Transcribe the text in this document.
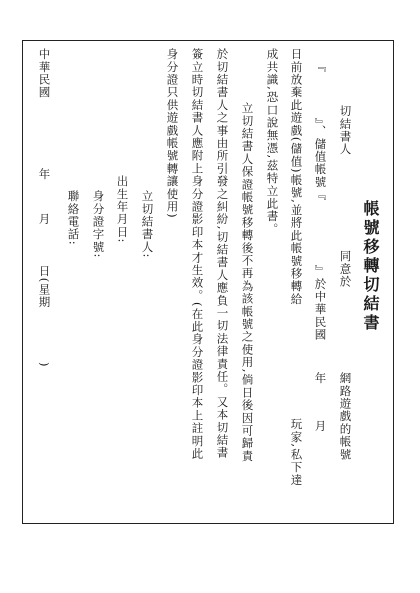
帳號移轉切結書
切結書人
同意於
網路遊戲的帳號
『
』、儲值帳號『
』於中華民國
年
月
日前放棄此遊戲(儲值)帳號,並將此帳號移轉給
玩家,私下達
成共識,恐口說無憑,茲特立此書。
立切結書人保證帳號移轉後不再為該帳號之使用,倘日後因可歸責
於切結書人之事由所引發之糾紛,切結書人應負一切法律責任。又本切結書
簽立時切結書人應附上身分證影印本才生效。(在此身分證影印本上註明此
身分證只供遊戲帳號轉讓使用)
立切結書人:
出生年月日:
身分證字號:
聯絡電話:
中華民國
年
月
日(星期
)
